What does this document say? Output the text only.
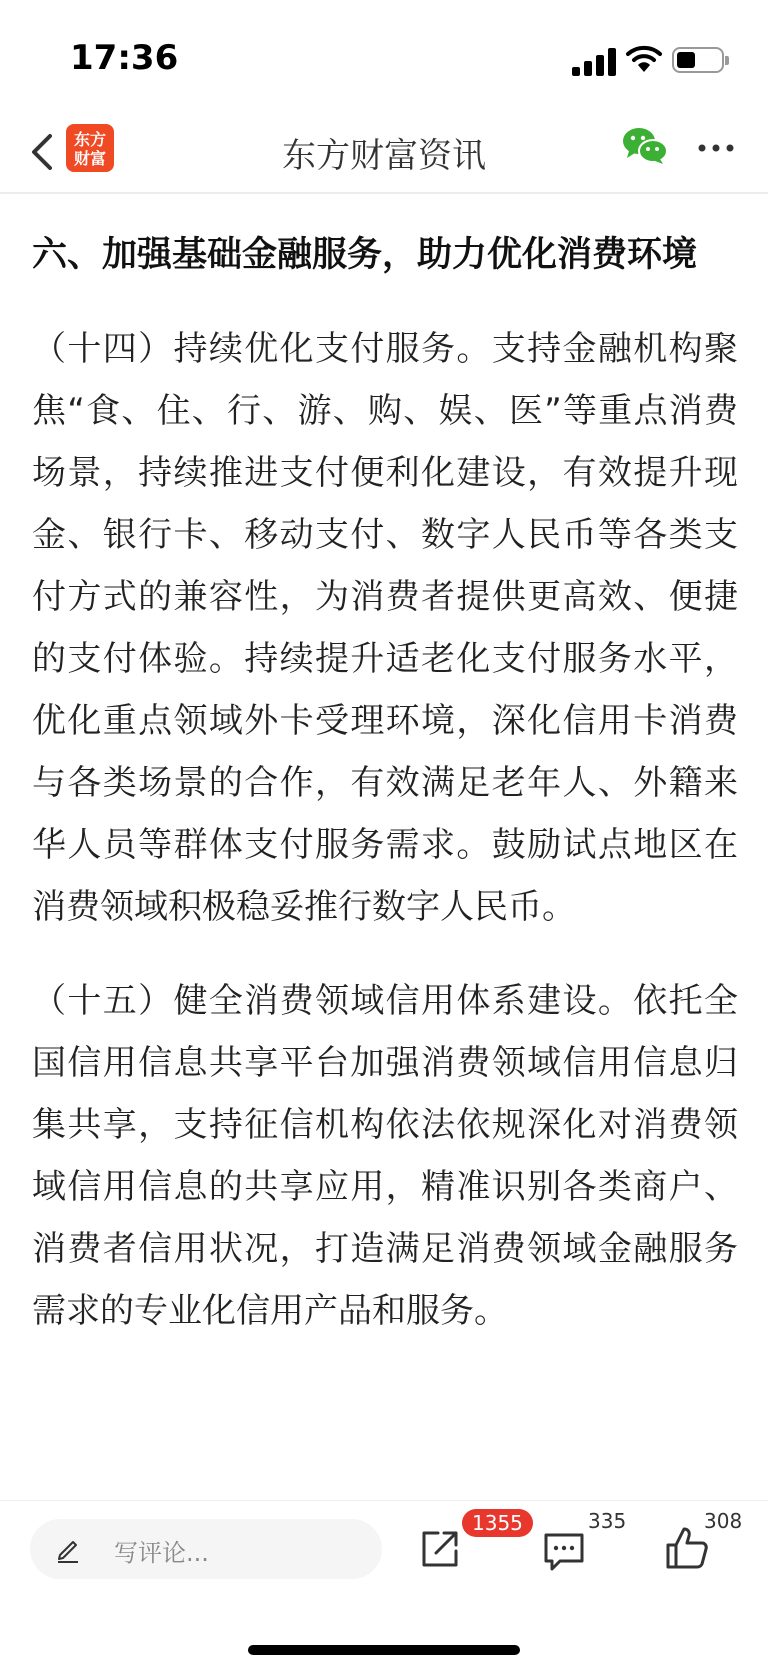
17:36
东方
财富	东方财富资讯
六、加强基础金融服务，助力优化消费环境
（十四）持续优化支付服务。支持金融机构聚焦“食、住、行、游、购、娱、医”等重点消费场景，持续推进支付便利化建设，有效提升现金、银行卡、移动支付、数字人民币等各类支付方式的兼容性，为消费者提供更高效、便捷的支付体验。持续提升适老化支付服务水平，优化重点领域外卡受理环境，深化信用卡消费与各类场景的合作，有效满足老年人、外籍来华人员等群体支付服务需求。鼓励试点地区在消费领域积极稳妥推行数字人民币。
（十五）健全消费领域信用体系建设。依托全国信用信息共享平台加强消费领域信用信息归集共享，支持征信机构依法依规深化对消费领域信用信息的共享应用，精准识别各类商户、消费者信用状况，打造满足消费领域金融服务需求的专业化信用产品和服务。
写评论...
1355	335	308
